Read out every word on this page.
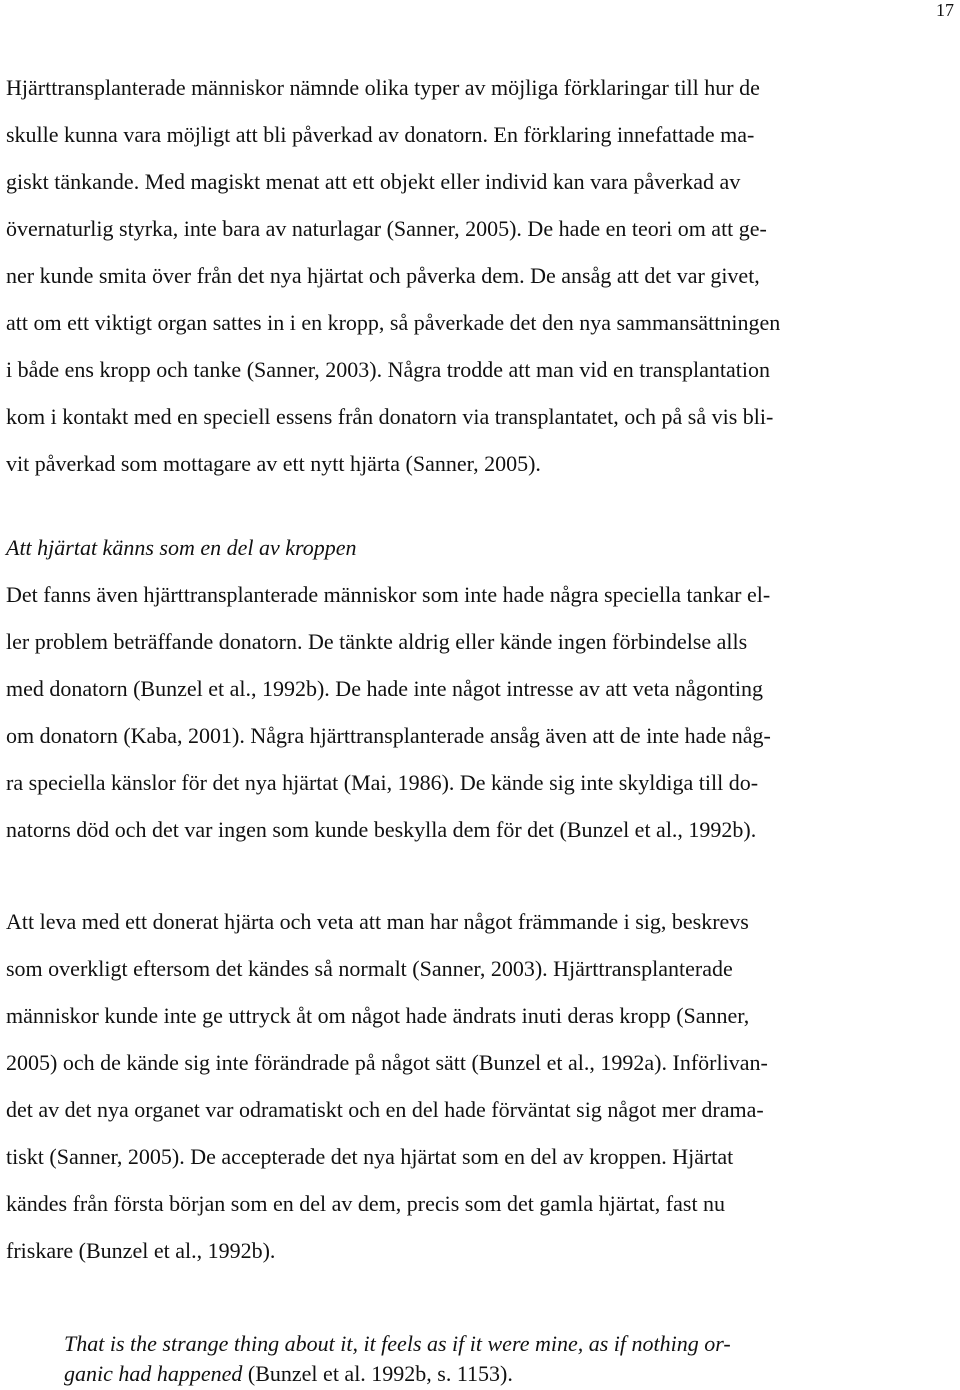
17
Hjärttransplanterade människor nämnde olika typer av möjliga förklaringar till hur de
skulle kunna vara möjligt att bli påverkad av donatorn. En förklaring innefattade ma-
giskt tänkande. Med magiskt menat att ett objekt eller individ kan vara påverkad av
övernaturlig styrka, inte bara av naturlagar (Sanner, 2005). De hade en teori om att ge-
ner kunde smita över från det nya hjärtat och påverka dem. De ansåg att det var givet,
att om ett viktigt organ sattes in i en kropp, så påverkade det den nya sammansättningen
i både ens kropp och tanke (Sanner, 2003). Några trodde att man vid en transplantation
kom i kontakt med en speciell essens från donatorn via transplantatet, och på så vis bli-
vit påverkad som mottagare av ett nytt hjärta (Sanner, 2005).
Att hjärtat känns som en del av kroppen
Det fanns även hjärttransplanterade människor som inte hade några speciella tankar el-
ler problem beträffande donatorn. De tänkte aldrig eller kände ingen förbindelse alls
med donatorn (Bunzel et al., 1992b). De hade inte något intresse av att veta någonting
om donatorn (Kaba, 2001). Några hjärttransplanterade ansåg även att de inte hade någ-
ra speciella känslor för det nya hjärtat (Mai, 1986). De kände sig inte skyldiga till do-
natorns död och det var ingen som kunde beskylla dem för det (Bunzel et al., 1992b).
Att leva med ett donerat hjärta och veta att man har något främmande i sig, beskrevs
som overkligt eftersom det kändes så normalt (Sanner, 2003). Hjärttransplanterade
människor kunde inte ge uttryck åt om något hade ändrats inuti deras kropp (Sanner,
2005) och de kände sig inte förändrade på något sätt (Bunzel et al., 1992a). Införlivan-
det av det nya organet var odramatiskt och en del hade förväntat sig något mer drama-
tiskt (Sanner, 2005). De accepterade det nya hjärtat som en del av kroppen. Hjärtat
kändes från första början som en del av dem, precis som det gamla hjärtat, fast nu
friskare (Bunzel et al., 1992b).
That is the strange thing about it, it feels as if it were mine, as if nothing or-
ganic had happened (Bunzel et al. 1992b, s. 1153).
